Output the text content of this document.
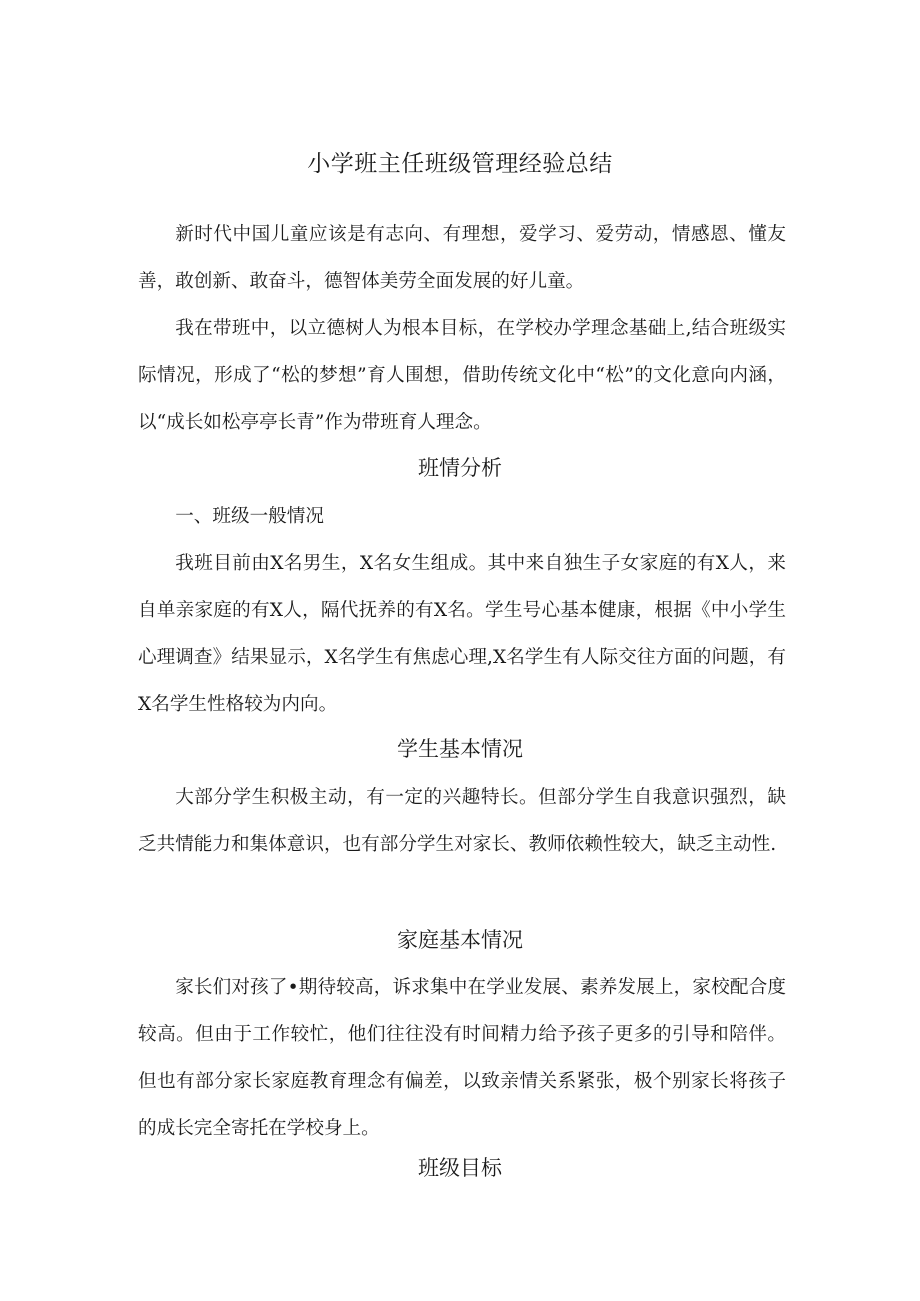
小学班主任班级管理经验总结

新时代中国儿童应该是有志向、有理想，爱学习、爱劳动，情感恩、懂友善，敢创新、敢奋斗，德智体美劳全面发展的好儿童。

我在带班中，以立德树人为根本目标，在学校办学理念基础上,结合班级实际情况，形成了“松的梦想”育人围想，借助传统文化中“松”的文化意向内涵，以“成长如松亭亭长青”作为带班育人理念。

班情分析

一、班级一般情况

我班目前由X名男生，X名女生组成。其中来自独生子女家庭的有X人，来自单亲家庭的有X人，隔代抚养的有X名。学生号心基本健康，根据《中小学生心理调查》结果显示，X名学生有焦虑心理,X名学生有人际交往方面的问题，有X名学生性格较为内向。

学生基本情况

大部分学生积极主动，有一定的兴趣特长。但部分学生自我意识强烈，缺乏共情能力和集体意识，也有部分学生对家长、教师依赖性较大，缺乏主动性.

家庭基本情况

家长们对孩了•期待较高，诉求集中在学业发展、素养发展上，家校配合度较高。但由于工作较忙，他们往往没有时间精力给予孩子更多的引导和陪伴。但也有部分家长家庭教育理念有偏差，以致亲情关系紧张，极个别家长将孩子的成长完全寄托在学校身上。

班级目标
